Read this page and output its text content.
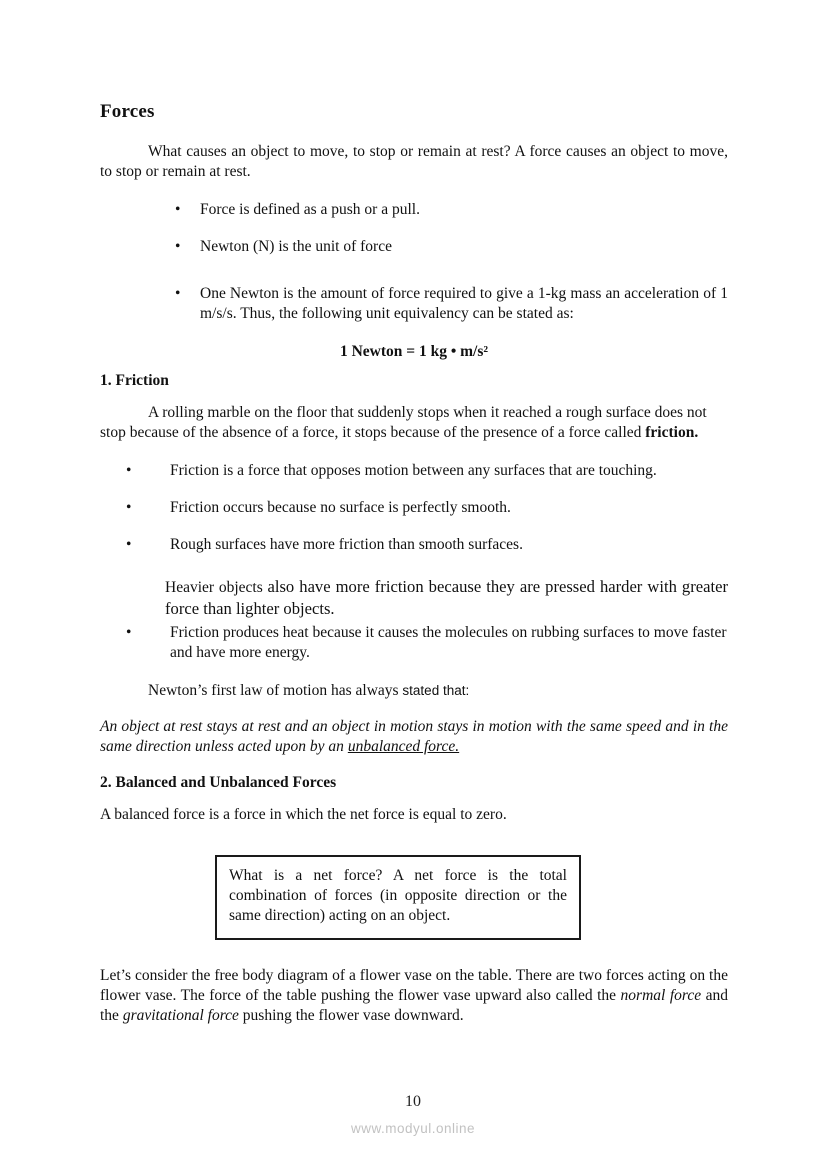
Forces

What causes an object to move, to stop or remain at rest? A force causes an object to move, to stop or remain at rest.

• Force is defined as a push or a pull.
• Newton (N) is the unit of force
• One Newton is the amount of force required to give a 1-kg mass an acceleration of 1 m/s/s. Thus, the following unit equivalency can be stated as:
1 Newton = 1 kg • m/s²
1. Friction

A rolling marble on the floor that suddenly stops when it reached a rough surface does not stop because of the absence of a force, it stops because of the presence of a force called friction.

• Friction is a force that opposes motion between any surfaces that are touching.
• Friction occurs because no surface is perfectly smooth.
• Rough surfaces have more friction than smooth surfaces.

Heavier objects also have more friction because they are pressed harder with greater force than lighter objects.

• Friction produces heat because it causes the molecules on rubbing surfaces to move faster and have more energy.

Newton’s first law of motion has always stated that:

An object at rest stays at rest and an object in motion stays in motion with the same speed and in the same direction unless acted upon by an unbalanced force.

2. Balanced and Unbalanced Forces

A balanced force is a force in which the net force is equal to zero.

What is a net force? A net force is the total combination of forces (in opposite direction or the same direction) acting on an object.

Let’s consider the free body diagram of a flower vase on the table. There are two forces acting on the flower vase. The force of the table pushing the flower vase upward also called the normal force and the gravitational force pushing the flower vase downward.

10
www.modyul.online
